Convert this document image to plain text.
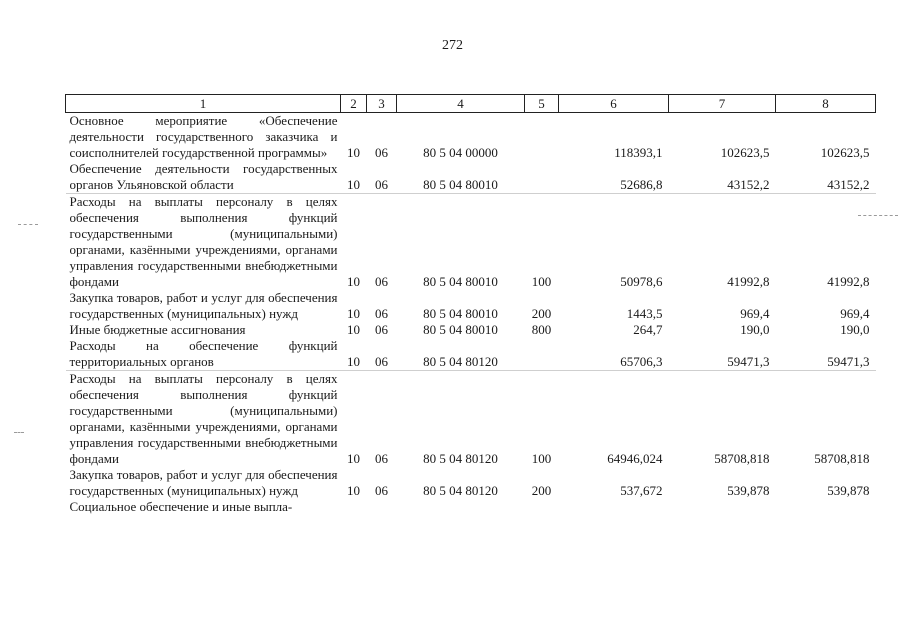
272
1	2	3	4	5	6	7	8
Основное мероприятие «Обеспечение деятельности государственного заказчика и соисполнителей государственной программы»	10	06	80 5 04 00000		118393,1	102623,5	102623,5
Обеспечение деятельности государственных органов Ульяновской области	10	06	80 5 04 80010		52686,8	43152,2	43152,2
Расходы на выплаты персоналу в целях обеспечения выполнения функций государственными (муниципальными) органами, казёнными учреждениями, органами управления государственными внебюджетными фондами	10	06	80 5 04 80010	100	50978,6	41992,8	41992,8
Закупка товаров, работ и услуг для обеспечения государственных (муниципальных) нужд	10	06	80 5 04 80010	200	1443,5	969,4	969,4
Иные бюджетные ассигнования	10	06	80 5 04 80010	800	264,7	190,0	190,0
Расходы на обеспечение функций территориальных органов	10	06	80 5 04 80120		65706,3	59471,3	59471,3
Расходы на выплаты персоналу в целях обеспечения выполнения функций государственными (муниципальными) органами, казёнными учреждениями, органами управления государственными внебюджетными фондами	10	06	80 5 04 80120	100	64946,024	58708,818	58708,818
Закупка товаров, работ и услуг для обеспечения государственных (муниципальных) нужд	10	06	80 5 04 80120	200	537,672	539,878	539,878
Социальное обеспечение и иные выпла-							
